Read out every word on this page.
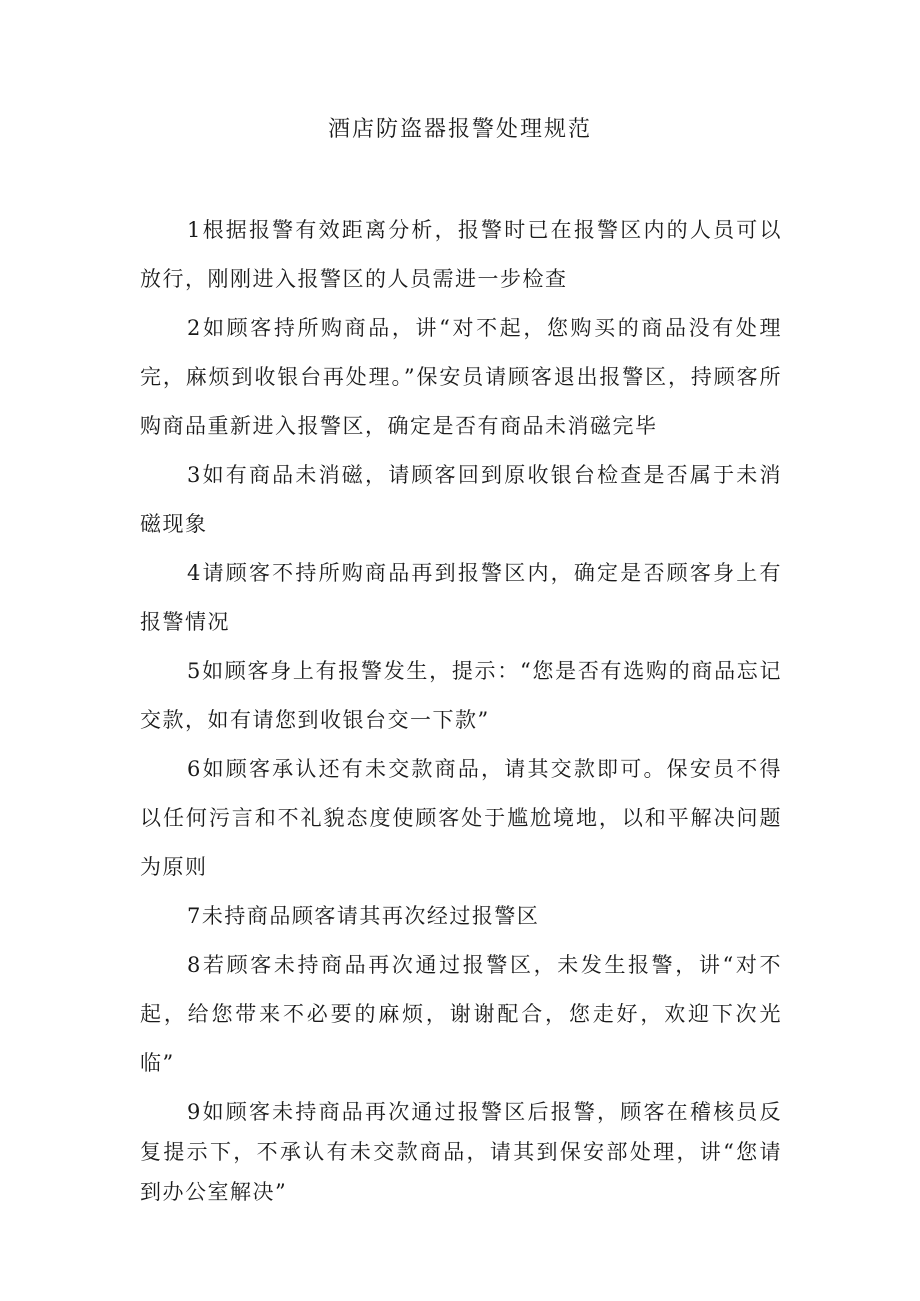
酒店防盗器报警处理规范

1根据报警有效距离分析，报警时已在报警区内的人员可以放行，刚刚进入报警区的人员需进一步检查

2如顾客持所购商品，讲“对不起，您购买的商品没有处理完，麻烦到收银台再处理。”保安员请顾客退出报警区，持顾客所购商品重新进入报警区，确定是否有商品未消磁完毕

3如有商品未消磁，请顾客回到原收银台检查是否属于未消磁现象

4请顾客不持所购商品再到报警区内，确定是否顾客身上有报警情况

5如顾客身上有报警发生，提示：“您是否有选购的商品忘记交款，如有请您到收银台交一下款”

6如顾客承认还有未交款商品，请其交款即可。保安员不得以任何污言和不礼貌态度使顾客处于尴尬境地，以和平解决问题为原则

7未持商品顾客请其再次经过报警区

8若顾客未持商品再次通过报警区，未发生报警，讲“对不起，给您带来不必要的麻烦，谢谢配合，您走好，欢迎下次光临”

9如顾客未持商品再次通过报警区后报警，顾客在稽核员反复提示下，不承认有未交款商品，请其到保安部处理，讲“您请到办公室解决”
